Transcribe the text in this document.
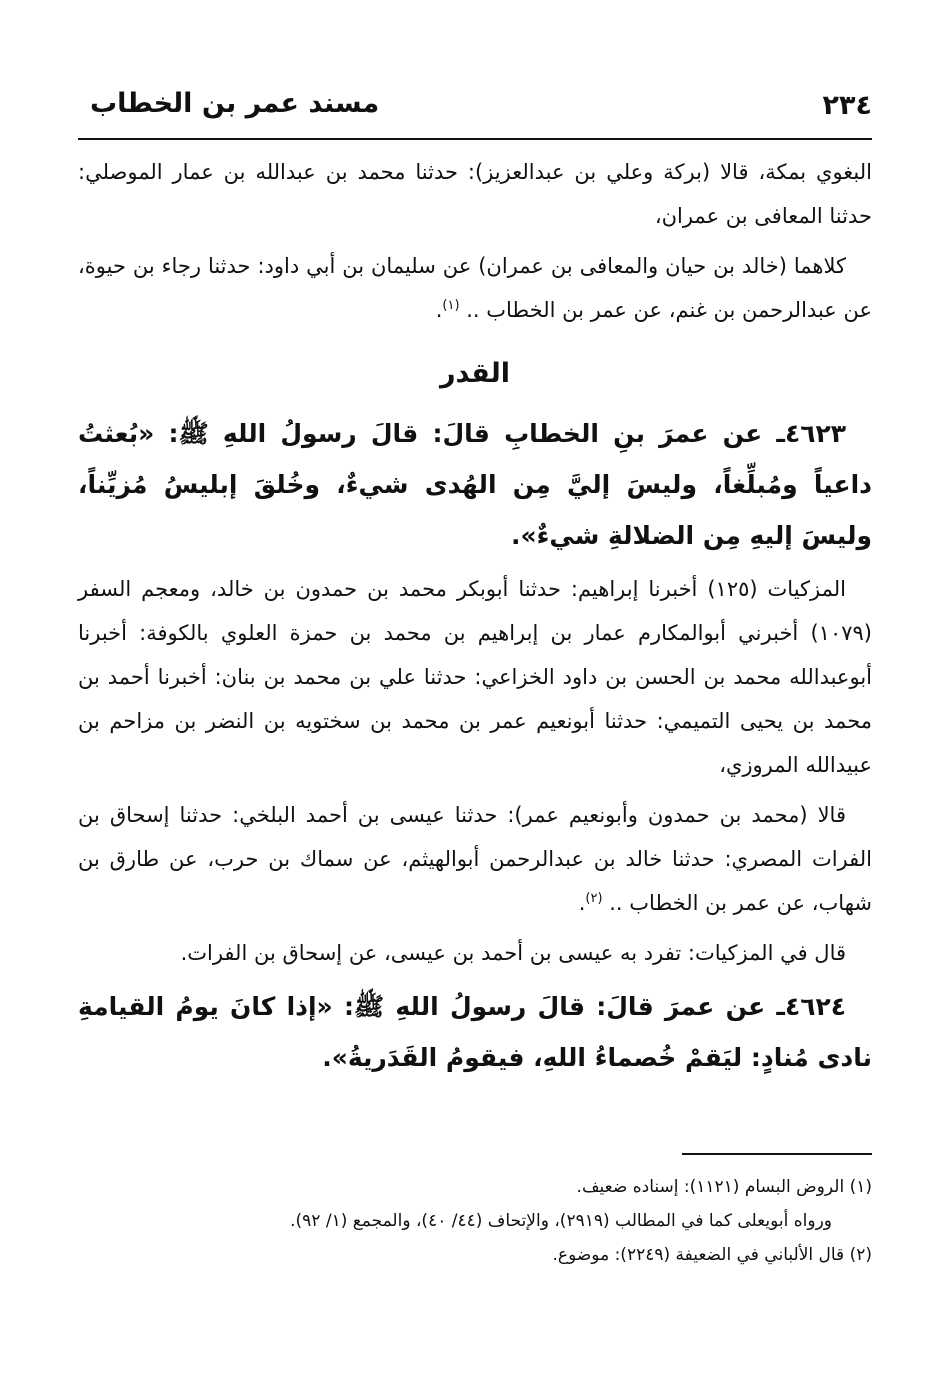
٢٣٤
مسند عمر بن الخطاب

البغوي بمكة، قالا (بركة وعلي بن عبدالعزيز): حدثنا محمد بن عبدالله بن عمار الموصلي: حدثنا المعافى بن عمران،

كلاهما (خالد بن حيان والمعافى بن عمران) عن سليمان بن أبي داود: حدثنا رجاء بن حيوة، عن عبدالرحمن بن غنم، عن عمر بن الخطاب .. $^{(١)}$.

القدر

٤٦٢٣ـ عن عمرَ بنِ الخطابِ قالَ: قالَ رسولُ اللهِ ﷺ: «بُعثتُ داعياً ومُبلِّغاً، وليسَ إليَّ مِن الهُدى شيءٌ، وخُلقَ إبليسُ مُزيِّناً، وليسَ إليهِ مِن الضلالةِ شيءٌ».

المزكيات (١٢٥) أخبرنا إبراهيم: حدثنا أبوبكر محمد بن حمدون بن خالد، ومعجم السفر (١٠٧٩) أخبرني أبوالمكارم عمار بن إبراهيم بن محمد بن حمزة العلوي بالكوفة: أخبرنا أبوعبدالله محمد بن الحسن بن داود الخزاعي: حدثنا علي بن محمد بن بنان: أخبرنا أحمد بن محمد بن يحيى التميمي: حدثنا أبونعيم عمر بن محمد بن سختويه بن النضر بن مزاحم بن عبيدالله المروزي،

قالا (محمد بن حمدون وأبونعيم عمر): حدثنا عيسى بن أحمد البلخي: حدثنا إسحاق بن الفرات المصري: حدثنا خالد بن عبدالرحمن أبوالهيثم، عن سماك بن حرب، عن طارق بن شهاب، عن عمر بن الخطاب .. $^{(٢)}$.

قال في المزكيات: تفرد به عيسى بن أحمد بن عيسى، عن إسحاق بن الفرات.

٤٦٢٤ـ عن عمرَ قالَ: قالَ رسولُ اللهِ ﷺ: «إذا كانَ يومُ القيامةِ نادى مُنادٍ: ليَقمْ خُصماءُ اللهِ، فيقومُ القَدَريةُ».

(١) الروض البسام (١١٢١): إسناده ضعيف.
ورواه أبويعلى كما في المطالب (٢٩١٩)، والإتحاف (٤٤/ ٤٠)، والمجمع (١/ ٩٢).
(٢) قال الألباني في الضعيفة (٢٢٤٩): موضوع.
